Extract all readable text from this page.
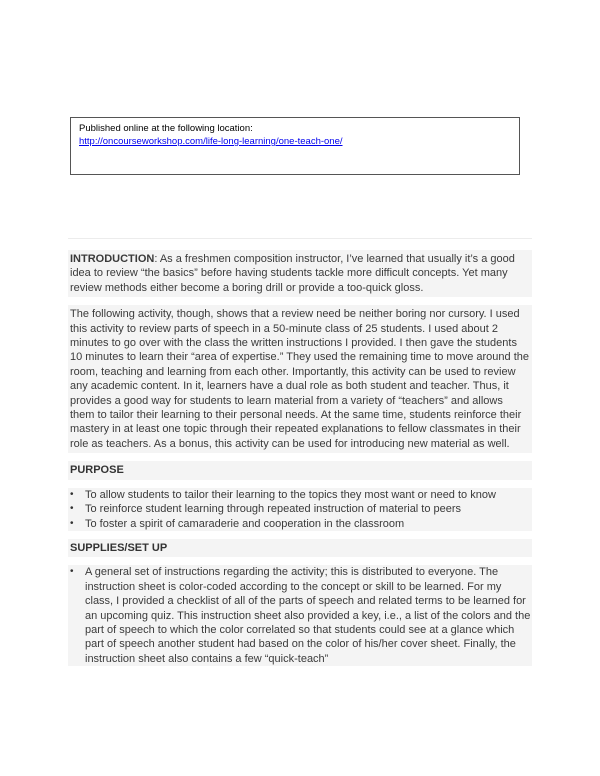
Published online at the following location:
http://oncourseworkshop.com/life-long-learning/one-teach-one/

INTRODUCTION: As a freshmen composition instructor, I’ve learned that usually it’s a good idea to review “the basics” before having students tackle more difficult concepts. Yet many review methods either become a boring drill or provide a too-quick gloss.

The following activity, though, shows that a review need be neither boring nor cursory. I used this activity to review parts of speech in a 50-minute class of 25 students. I used about 2 minutes to go over with the class the written instructions I provided. I then gave the students 10 minutes to learn their “area of expertise.” They used the remaining time to move around the room, teaching and learning from each other. Importantly, this activity can be used to review any academic content. In it, learners have a dual role as both student and teacher. Thus, it provides a good way for students to learn material from a variety of “teachers” and allows them to tailor their learning to their personal needs. At the same time, students reinforce their mastery in at least one topic through their repeated explanations to fellow classmates in their role as teachers. As a bonus, this activity can be used for introducing new material as well.

PURPOSE
• To allow students to tailor their learning to the topics they most want or need to know
• To reinforce student learning through repeated instruction of material to peers
• To foster a spirit of camaraderie and cooperation in the classroom
SUPPLIES/SET UP
• A general set of instructions regarding the activity; this is distributed to everyone. The instruction sheet is color-coded according to the concept or skill to be learned. For my class, I provided a checklist of all of the parts of speech and related terms to be learned for an upcoming quiz. This instruction sheet also provided a key, i.e., a list of the colors and the part of speech to which the color correlated so that students could see at a glance which part of speech another student had based on the color of his/her cover sheet. Finally, the instruction sheet also contains a few “quick-teach”
